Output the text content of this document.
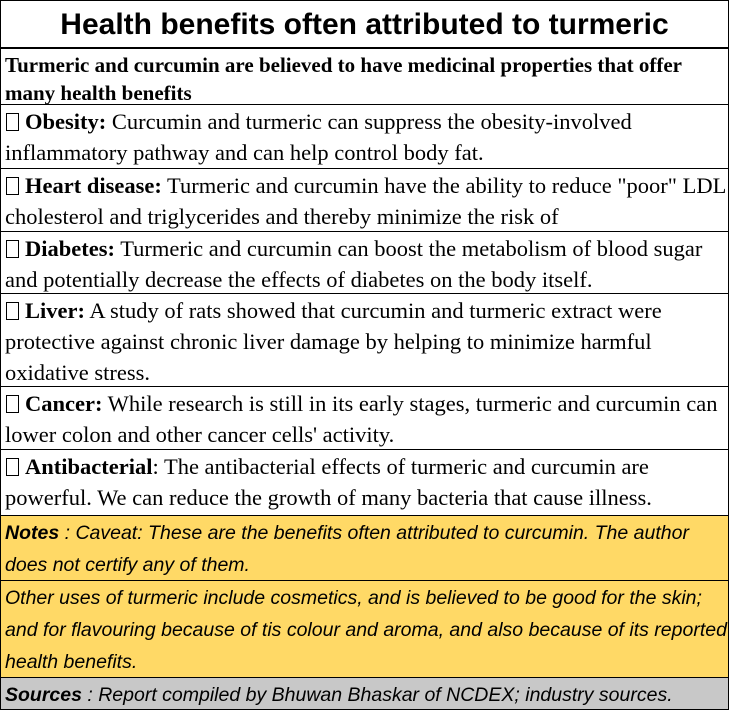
Health benefits often attributed to turmeric
Turmeric and curcumin are believed to have medicinal properties that offer many health benefits
Obesity: Curcumin and turmeric can suppress the obesity-involved inflammatory pathway and can help control body fat.
Heart disease: Turmeric and curcumin have the ability to reduce "poor" LDL cholesterol and triglycerides and thereby minimize the risk of
Diabetes: Turmeric and curcumin can boost the metabolism of blood sugar and potentially decrease the effects of diabetes on the body itself.
Liver: A study of rats showed that curcumin and turmeric extract were protective against chronic liver damage by helping to minimize harmful oxidative stress.
Cancer: While research is still in its early stages, turmeric and curcumin can lower colon and other cancer cells' activity.
Antibacterial: The antibacterial effects of turmeric and curcumin are powerful. We can reduce the growth of many bacteria that cause illness.
Notes : Caveat: These are the benefits often attributed to curcumin. The author does not certify any of them.
Other uses of turmeric include cosmetics, and is believed to be good for the skin; and for flavouring because of tis colour and aroma, and also because of its reported health benefits.
Sources : Report compiled by Bhuwan Bhaskar of NCDEX; industry sources.
